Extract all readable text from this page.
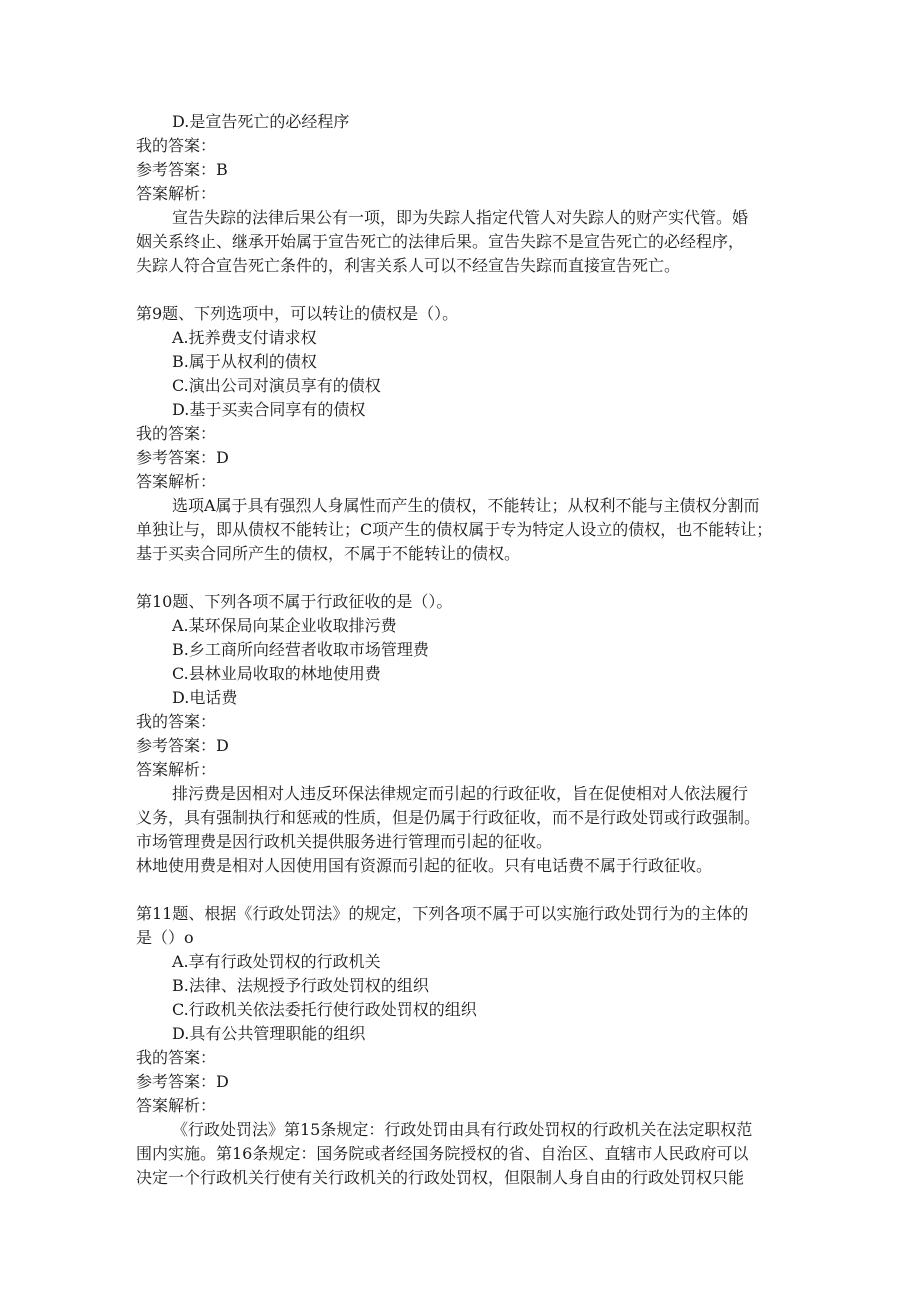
D.是宣告死亡的必经程序

我的答案：

参考答案：B

答案解析：

宣告失踪的法律后果公有一项，即为失踪人指定代管人对失踪人的财产实代管。婚

姻关系终止、继承开始属于宣告死亡的法律后果。宣告失踪不是宣告死亡的必经程序，

失踪人符合宣告死亡条件的，利害关系人可以不经宣告失踪而直接宣告死亡。

第9题、下列选项中，可以转让的债权是（）。

A.抚养费支付请求权

B.属于从权利的债权

C.演出公司对演员享有的债权

D.基于买卖合同享有的债权

我的答案：

参考答案：D

答案解析：

选项A属于具有强烈人身属性而产生的债权，不能转让；从权利不能与主债权分割而

单独让与，即从债权不能转让；C项产生的债权属于专为特定人设立的债权，也不能转让；

基于买卖合同所产生的债权，不属于不能转让的债权。

第10题、下列各项不属于行政征收的是（）。

A.某环保局向某企业收取排污费

B.乡工商所向经营者收取市场管理费

C.县林业局收取的林地使用费

D.电话费

我的答案：

参考答案：D

答案解析：

排污费是因相对人违反环保法律规定而引起的行政征收，旨在促使相对人依法履行

义务，具有强制执行和惩戒的性质，但是仍属于行政征收，而不是行政处罚或行政强制。

市场管理费是因行政机关提供服务进行管理而引起的征收。

林地使用费是相对人因使用国有资源而引起的征收。只有电话费不属于行政征收。

第11题、根据《行政处罚法》的规定，下列各项不属于可以实施行政处罚行为的主体的

是（）o

A.享有行政处罚权的行政机关

B.法律、法规授予行政处罚权的组织

C.行政机关依法委托行使行政处罚权的组织

D.具有公共管理职能的组织

我的答案：

参考答案：D

答案解析：

《行政处罚法》第15条规定：行政处罚由具有行政处罚权的行政机关在法定职权范

围内实施。第16条规定：国务院或者经国务院授权的省、自治区、直辖市人民政府可以

决定一个行政机关行使有关行政机关的行政处罚权，但限制人身自由的行政处罚权只能
